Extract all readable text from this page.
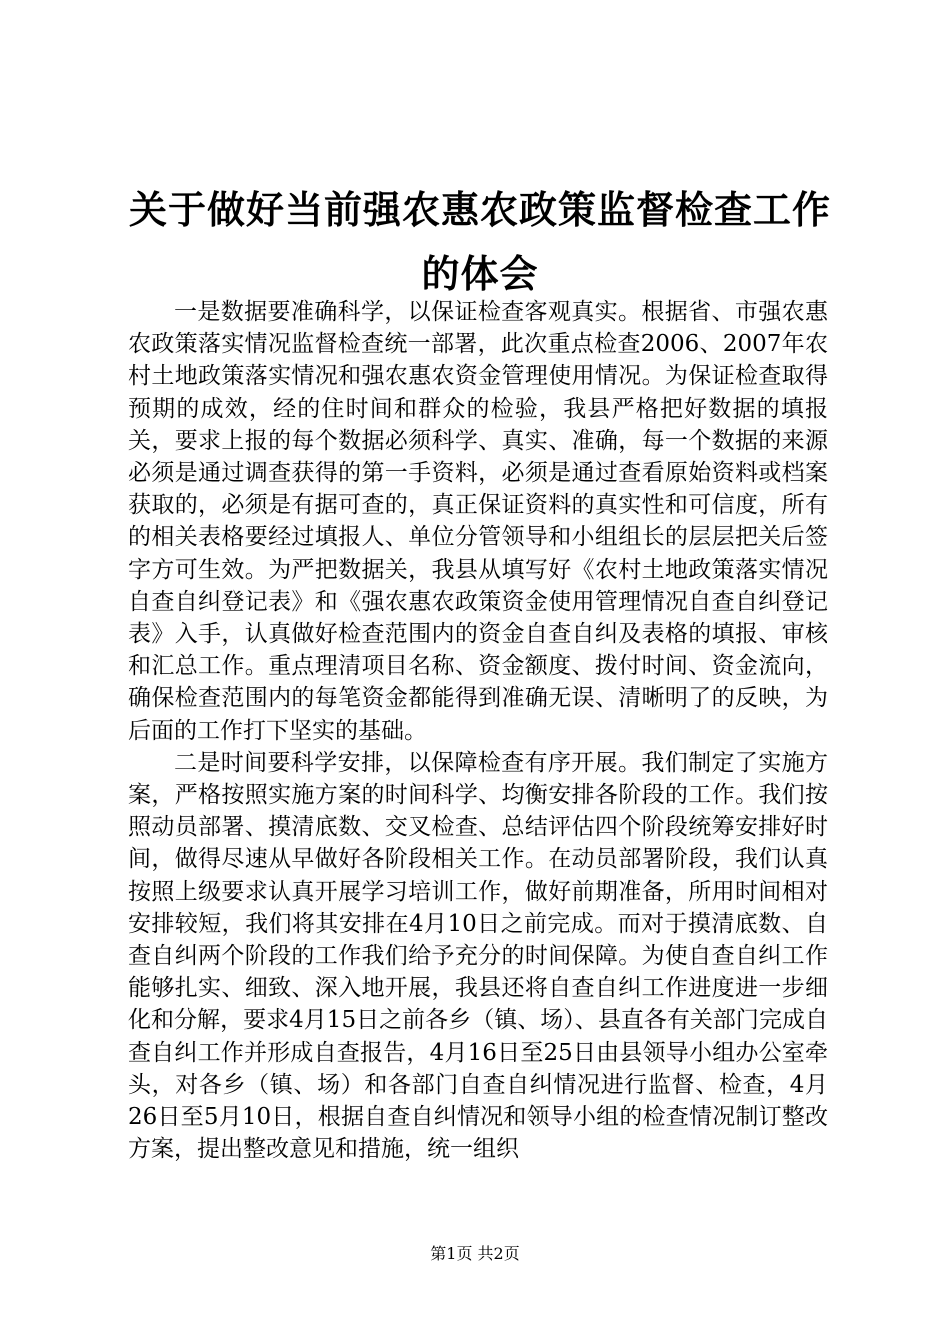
关于做好当前强农惠农政策监督检查工作的体会

一是数据要准确科学，以保证检查客观真实。根据省、市强农惠农政策落实情况监督检查统一部署，此次重点检查2006、2007年农村土地政策落实情况和强农惠农资金管理使用情况。为保证检查取得预期的成效，经的住时间和群众的检验，我县严格把好数据的填报关，要求上报的每个数据必须科学、真实、准确，每一个数据的来源必须是通过调查获得的第一手资料，必须是通过查看原始资料或档案获取的，必须是有据可查的，真正保证资料的真实性和可信度，所有的相关表格要经过填报人、单位分管领导和小组组长的层层把关后签字方可生效。为严把数据关，我县从填写好《农村土地政策落实情况自查自纠登记表》和《强农惠农政策资金使用管理情况自查自纠登记表》入手，认真做好检查范围内的资金自查自纠及表格的填报、审核和汇总工作。重点理清项目名称、资金额度、拨付时间、资金流向，确保检查范围内的每笔资金都能得到准确无误、清晰明了的反映，为后面的工作打下坚实的基础。

二是时间要科学安排，以保障检查有序开展。我们制定了实施方案，严格按照实施方案的时间科学、均衡安排各阶段的工作。我们按照动员部署、摸清底数、交叉检查、总结评估四个阶段统筹安排好时间，做得尽速从早做好各阶段相关工作。在动员部署阶段，我们认真按照上级要求认真开展学习培训工作，做好前期准备，所用时间相对安排较短，我们将其安排在4月10日之前完成。而对于摸清底数、自查自纠两个阶段的工作我们给予充分的时间保障。为使自查自纠工作能够扎实、细致、深入地开展，我县还将自查自纠工作进度进一步细化和分解，要求4月15日之前各乡（镇、场）、县直各有关部门完成自查自纠工作并形成自查报告，4月16日至25日由县领导小组办公室牵头，对各乡（镇、场）和各部门自查自纠情况进行监督、检查，4月26日至5月10日，根据自查自纠情况和领导小组的检查情况制订整改方案，提出整改意见和措施，统一组织

第1页 共2页
